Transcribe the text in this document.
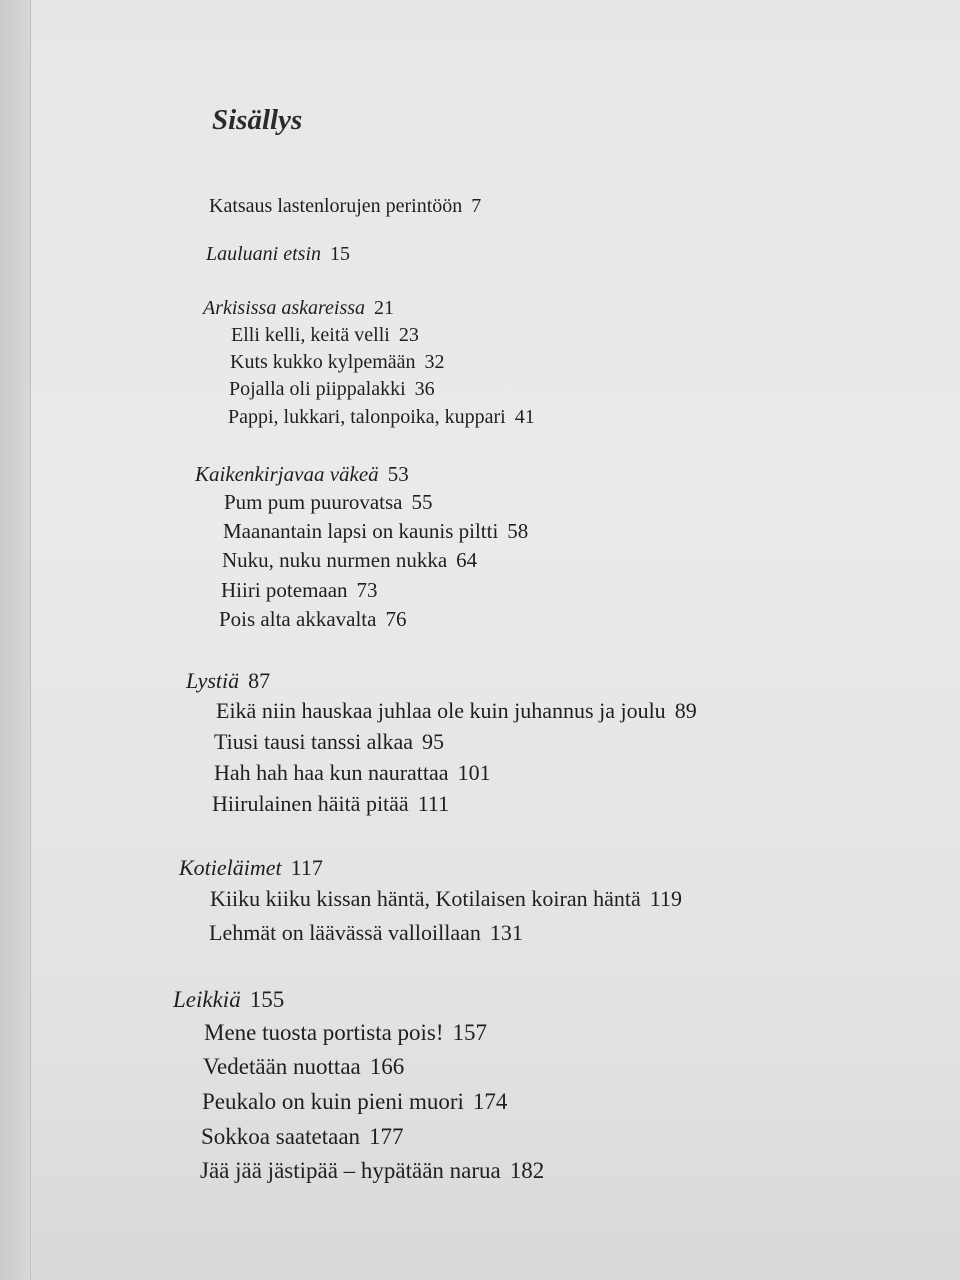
Sisällys
Katsaus lastenlorujen perintöön 7
Lauluani etsin 15
Arkisissa askareissa 21
Elli kelli, keitä velli 23
Kuts kukko kylpemään 32
Pojalla oli piippalakki 36
Pappi, lukkari, talonpoika, kuppari 41
Kaikenkirjavaa väkeä 53
Pum pum puurovatsa 55
Maanantain lapsi on kaunis piltti 58
Nuku, nuku nurmen nukka 64
Hiiri potemaan 73
Pois alta akkavalta 76
Lystiä 87
Eikä niin hauskaa juhlaa ole kuin juhannus ja joulu 89
Tiusi tausi tanssi alkaa 95
Hah hah haa kun naurattaa 101
Hiirulainen häitä pitää 111
Kotieläimet 117
Kiiku kiiku kissan häntä, Kotilaisen koiran häntä 119
Lehmät on läävässä valloillaan 131
Leikkiä 155
Mene tuosta portista pois! 157
Vedetään nuottaa 166
Peukalo on kuin pieni muori 174
Sokkoa saatetaan 177
Jää jää jästipää – hypätään narua 182
